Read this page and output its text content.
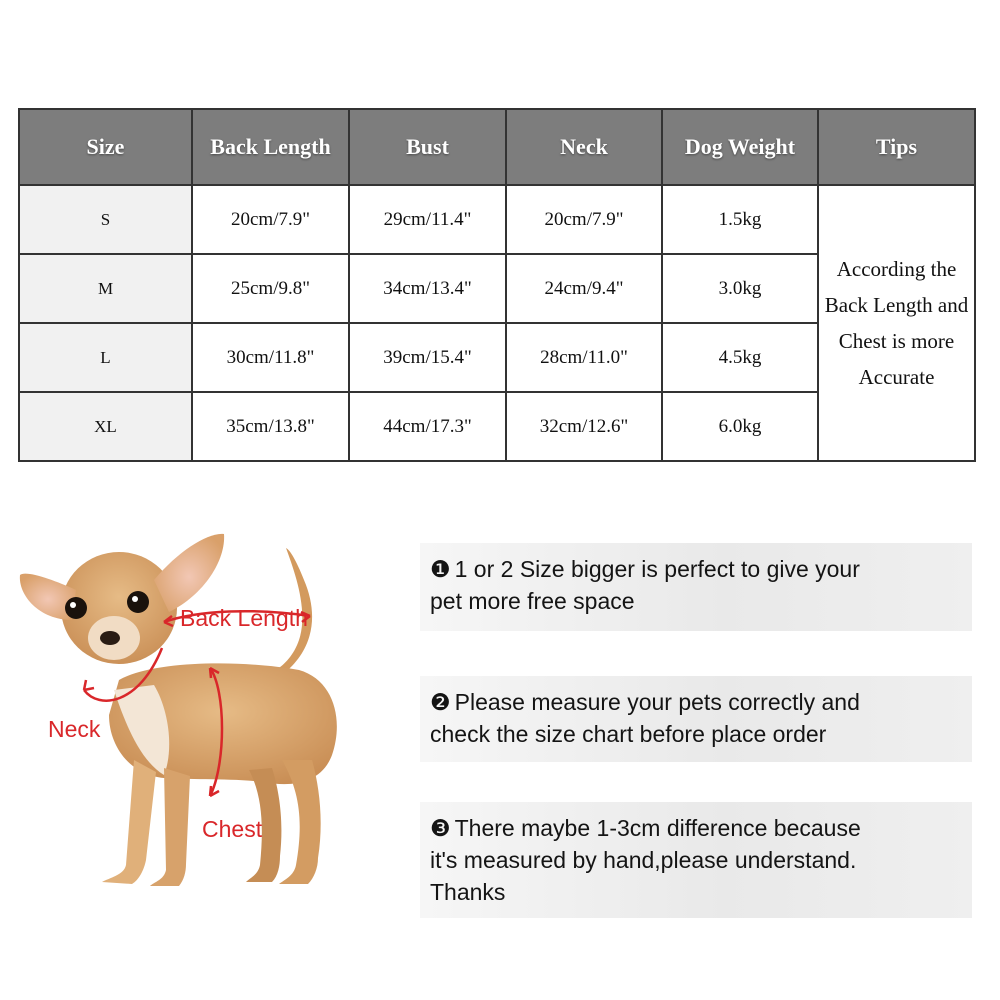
Size	Back Length	Bust	Neck	Dog Weight	Tips
S	20cm/7.9"	29cm/11.4"	20cm/7.9"	1.5kg	According the
Back Length and
Chest is more
Accurate

M	25cm/9.8"	34cm/13.4"	24cm/9.4"	3.0kg	
L	30cm/11.8"	39cm/15.4"	28cm/11.0"	4.5kg	
XL	35cm/13.8"	44cm/17.3"	32cm/12.6"	6.0kg	
Back Length
Neck
Chest
❶ 1 or 2 Size bigger is perfect to give your
pet more free space
❷ Please measure your pets correctly and
check the size chart before place order
❸ There maybe 1-3cm difference because
it's measured by hand,please understand.
Thanks
